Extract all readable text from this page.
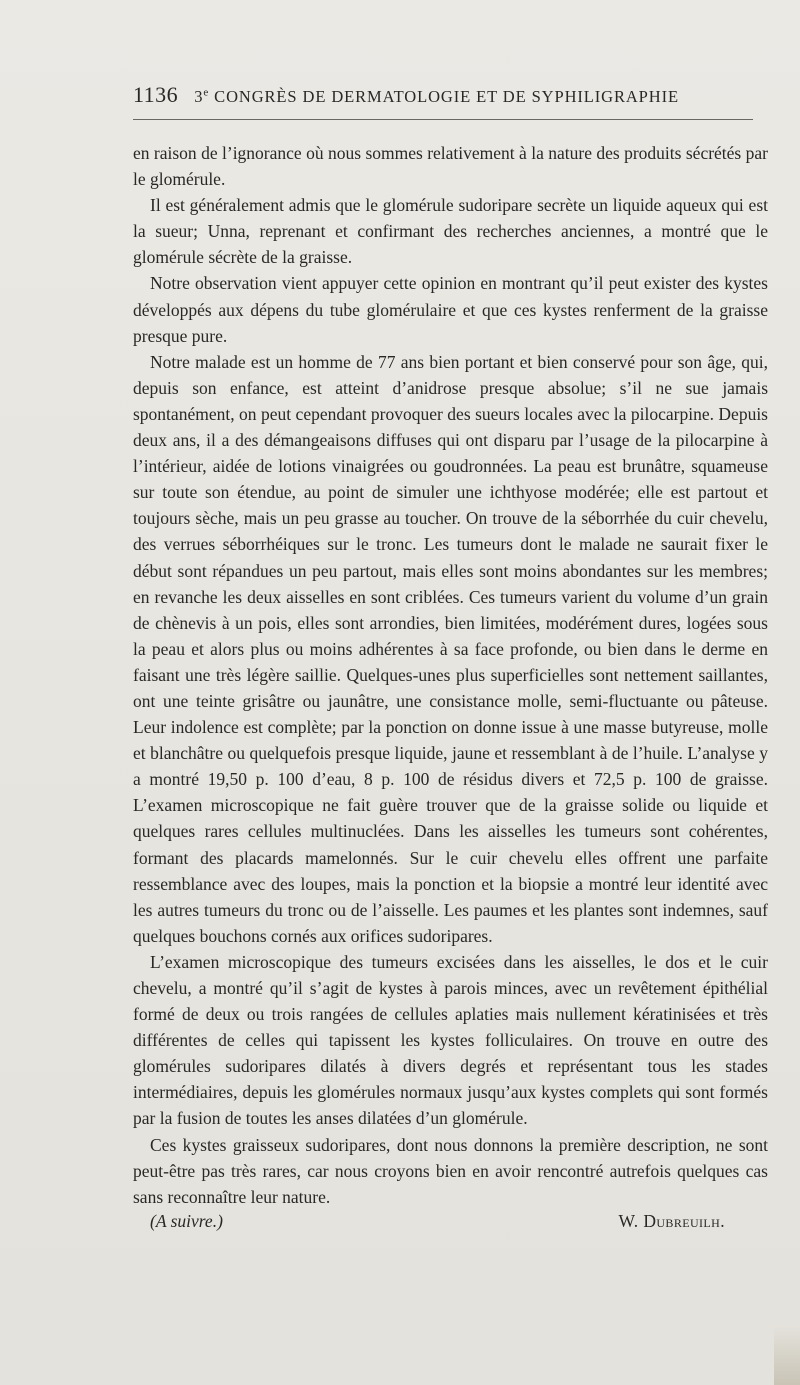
1136 3e CONGRÈS DE DERMATOLOGIE ET DE SYPHILIGRAPHIE

en raison de l’ignorance où nous sommes relativement à la nature des produits sécrétés par le glomérule.

Il est généralement admis que le glomérule sudoripare secrète un liquide aqueux qui est la sueur; Unna, reprenant et confirmant des recherches anciennes, a montré que le glomérule sécrète de la graisse.

Notre observation vient appuyer cette opinion en montrant qu’il peut exister des kystes développés aux dépens du tube glomérulaire et que ces kystes renferment de la graisse presque pure.

Notre malade est un homme de 77 ans bien portant et bien conservé pour son âge, qui, depuis son enfance, est atteint d’anidrose presque absolue; s’il ne sue jamais spontanément, on peut cependant provoquer des sueurs locales avec la pilocarpine. Depuis deux ans, il a des démangeaisons diffuses qui ont disparu par l’usage de la pilocarpine à l’intérieur, aidée de lotions vinaigrées ou goudronnées. La peau est brunâtre, squameuse sur toute son étendue, au point de simuler une ichthyose modérée; elle est partout et toujours sèche, mais un peu grasse au toucher. On trouve de la séborrhée du cuir chevelu, des verrues séborrhéiques sur le tronc. Les tumeurs dont le malade ne saurait fixer le début sont répandues un peu partout, mais elles sont moins abondantes sur les membres; en revanche les deux aisselles en sont criblées. Ces tumeurs varient du volume d’un grain de chènevis à un pois, elles sont arrondies, bien limitées, modérément dures, logées sous la peau et alors plus ou moins adhérentes à sa face profonde, ou bien dans le derme en faisant une très légère saillie. Quelques-unes plus superficielles sont nettement saillantes, ont une teinte grisâtre ou jaunâtre, une consistance molle, semi-fluctuante ou pâteuse. Leur indolence est complète; par la ponction on donne issue à une masse butyreuse, molle et blanchâtre ou quelquefois presque liquide, jaune et ressemblant à de l’huile. L’analyse y a montré 19,50 p. 100 d’eau, 8 p. 100 de résidus divers et 72,5 p. 100 de graisse. L’examen microscopique ne fait guère trouver que de la graisse solide ou liquide et quelques rares cellules multinuclées. Dans les aisselles les tumeurs sont cohérentes, formant des placards mamelonnés. Sur le cuir chevelu elles offrent une parfaite ressemblance avec des loupes, mais la ponction et la biopsie a montré leur identité avec les autres tumeurs du tronc ou de l’aisselle. Les paumes et les plantes sont indemnes, sauf quelques bouchons cornés aux orifices sudoripares.

L’examen microscopique des tumeurs excisées dans les aisselles, le dos et le cuir chevelu, a montré qu’il s’agit de kystes à parois minces, avec un revêtement épithélial formé de deux ou trois rangées de cellules aplaties mais nullement kératinisées et très différentes de celles qui tapissent les kystes folliculaires. On trouve en outre des glomérules sudoripares dilatés à divers degrés et représentant tous les stades intermédiaires, depuis les glomérules normaux jusqu’aux kystes complets qui sont formés par la fusion de toutes les anses dilatées d’un glomérule.

Ces kystes graisseux sudoripares, dont nous donnons la première description, ne sont peut-être pas très rares, car nous croyons bien en avoir rencontré autrefois quelques cas sans reconnaître leur nature.

(A suivre.)	W. Dubreuilh.
